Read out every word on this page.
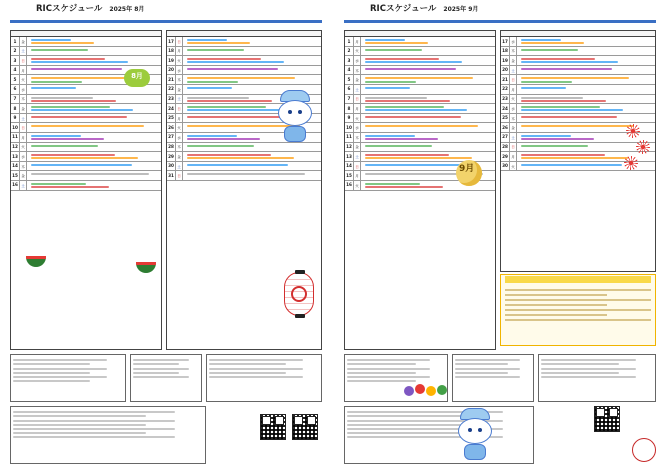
RICスケジュール 2025年 8月
1	金
2	土
3	日
4	月
5	火
6	水
7	木
8	金
9	土
10 日
11 月
12 火
13 水
14 木
15 金
16 土
17 日
18 月
19 火
20 水
21 木
22 金
23 土
24 日
25 月
26 火
27 水
28 木
29 金
30 土
31 日
8月
RICスケジュール 2025年 9月
1	月
2	火
3	水
4	木
5	金
6	土
7	日
8	月
9	火
10 水
11 木
12 金
13 土
14 日
15 月
16 火
17 水
18 木
19 金
20 土
21 日
22 月
23 火
24 水
25 木
26 金
27 土
28 日
29 月
30 火
9月
